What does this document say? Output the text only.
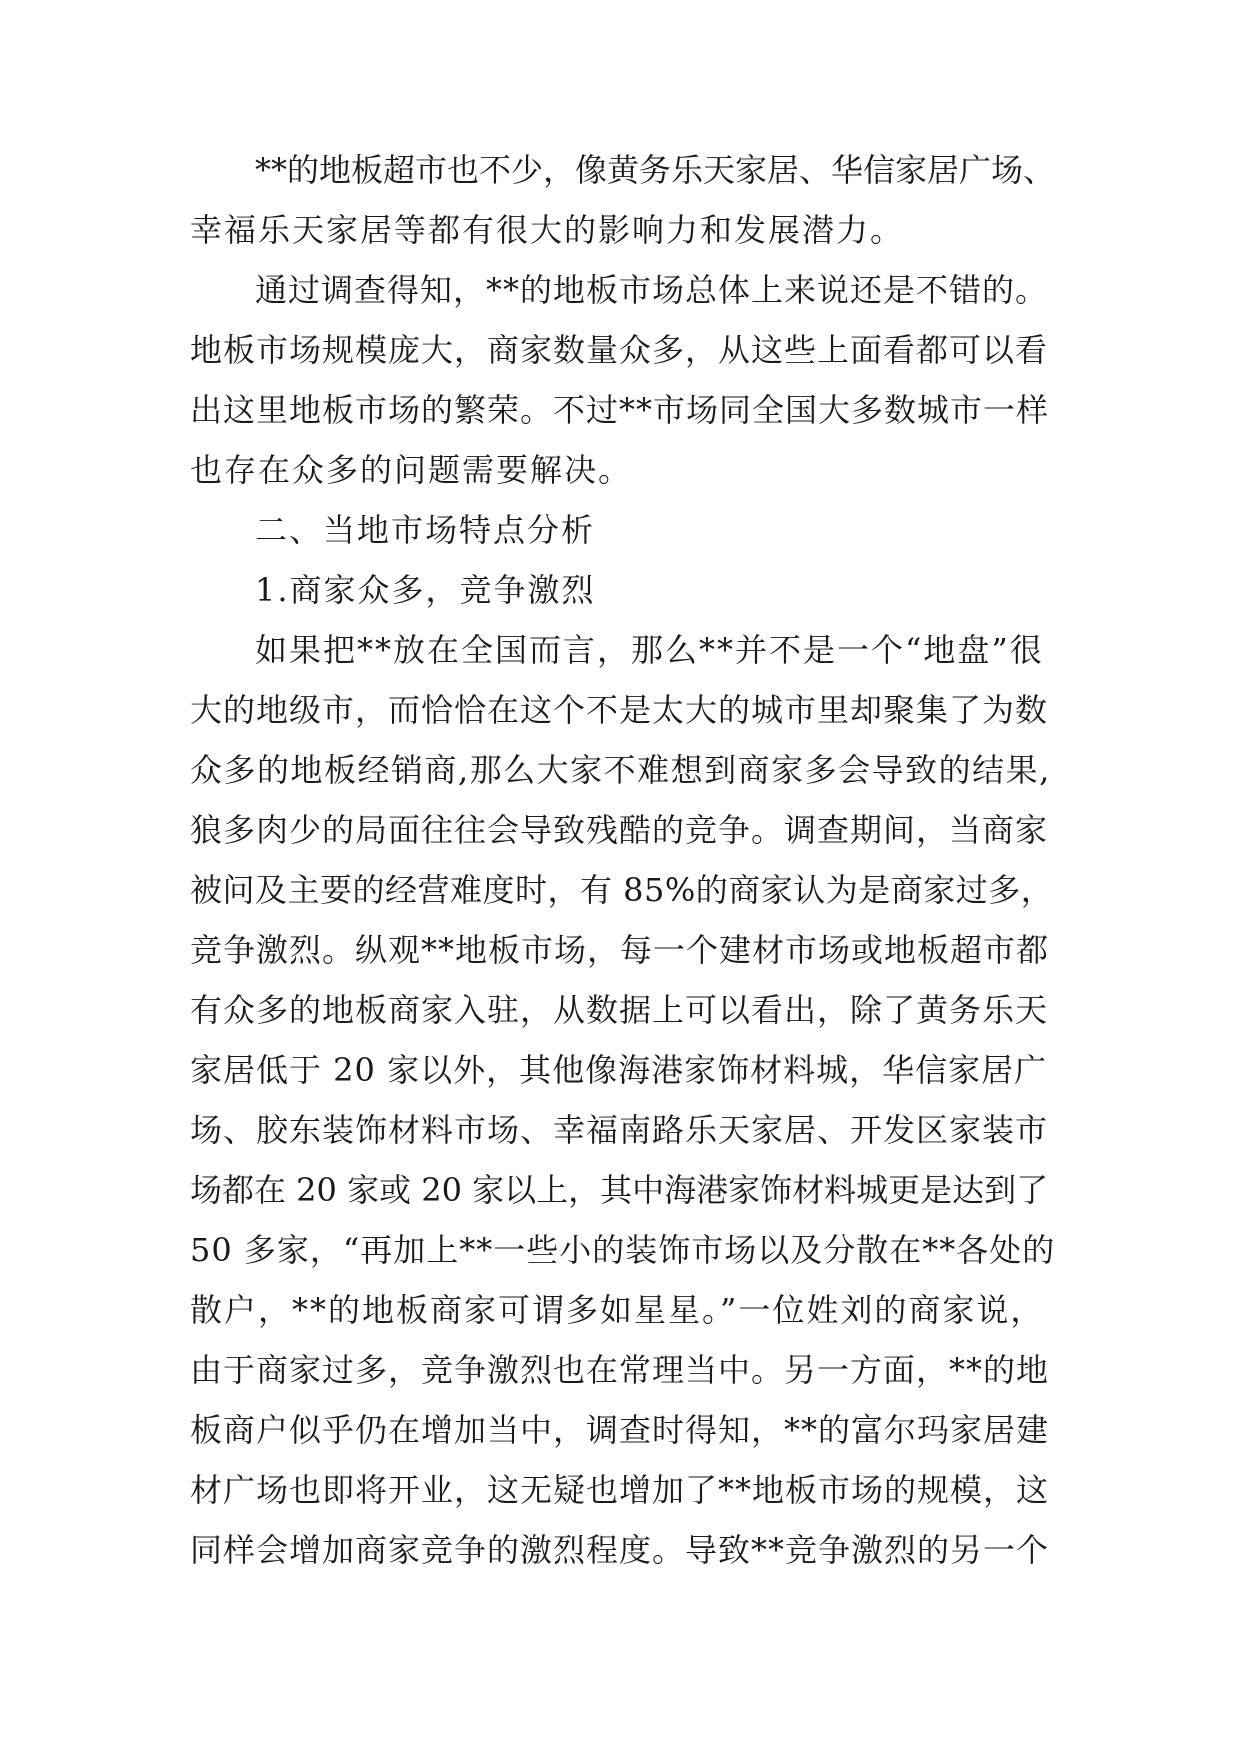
**的地板超市也不少，像黄务乐天家居、华信家居广场、
幸福乐天家居等都有很大的影响力和发展潜力。
通过调查得知，**的地板市场总体上来说还是不错的。
地板市场规模庞大，商家数量众多，从这些上面看都可以看
出这里地板市场的繁荣。不过**市场同全国大多数城市一样
也存在众多的问题需要解决。
二、当地市场特点分析
1.商家众多，竞争激烈
如果把**放在全国而言，那么**并不是一个“地盘”很
大的地级市，而恰恰在这个不是太大的城市里却聚集了为数
众多的地板经销商,那么大家不难想到商家多会导致的结果,
狼多肉少的局面往往会导致残酷的竞争。调查期间，当商家
被问及主要的经营难度时，有 85%的商家认为是商家过多，
竞争激烈。纵观**地板市场，每一个建材市场或地板超市都
有众多的地板商家入驻，从数据上可以看出，除了黄务乐天
家居低于 20 家以外，其他像海港家饰材料城，华信家居广
场、胶东装饰材料市场、幸福南路乐天家居、开发区家装市
场都在 20 家或 20 家以上，其中海港家饰材料城更是达到了
50 多家，“再加上**一些小的装饰市场以及分散在**各处的
散户，**的地板商家可谓多如星星。”一位姓刘的商家说，
由于商家过多，竞争激烈也在常理当中。另一方面，**的地
板商户似乎仍在增加当中，调查时得知，**的富尔玛家居建
材广场也即将开业，这无疑也增加了**地板市场的规模，这
同样会增加商家竞争的激烈程度。导致**竞争激烈的另一个
